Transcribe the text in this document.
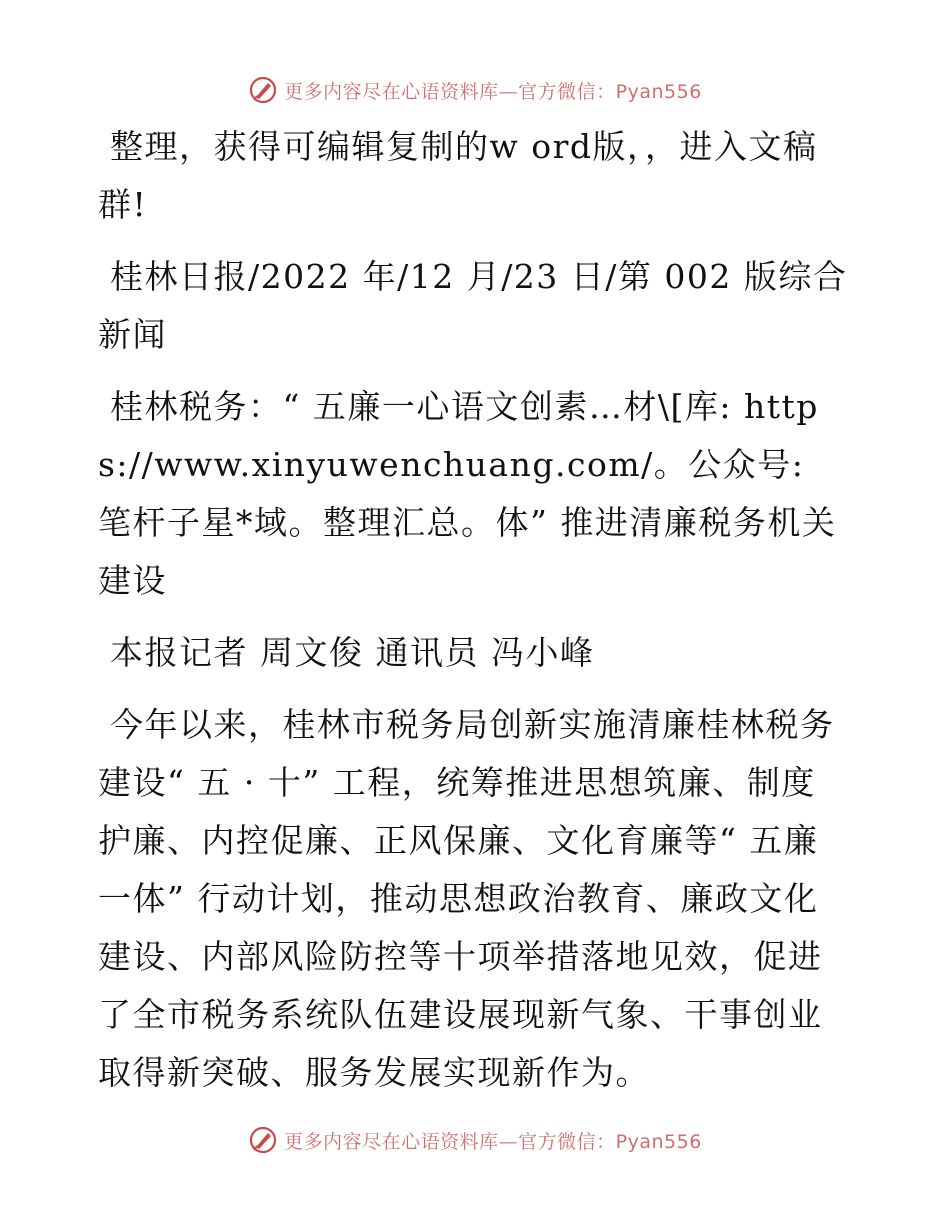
更多内容尽在心语资料库—官方微信：Pyan556

整理，获得可编辑复制的w ord版，，进入文稿群!

桂林日报/2022 年/12 月/23 日/第 002 版综合新闻

桂林税务：“ 五廉一心语文创素…材\[库: https://www.xinyuwenchuang.com/。公众号: 笔杆子星*域。整理汇总。体” 推进清廉税务机关建设

本报记者 周文俊 通讯员 冯小峰

今年以来，桂林市税务局创新实施清廉桂林税务建设“ 五 · 十” 工程，统筹推进思想筑廉、制度护廉、内控促廉、正风保廉、文化育廉等“ 五廉一体” 行动计划，推动思想政治教育、廉政文化建设、内部风险防控等十项举措落地见效，促进了全市税务系统队伍建设展现新气象、干事创业取得新突破、服务发展实现新作为。

更多内容尽在心语资料库—官方微信：Pyan556
